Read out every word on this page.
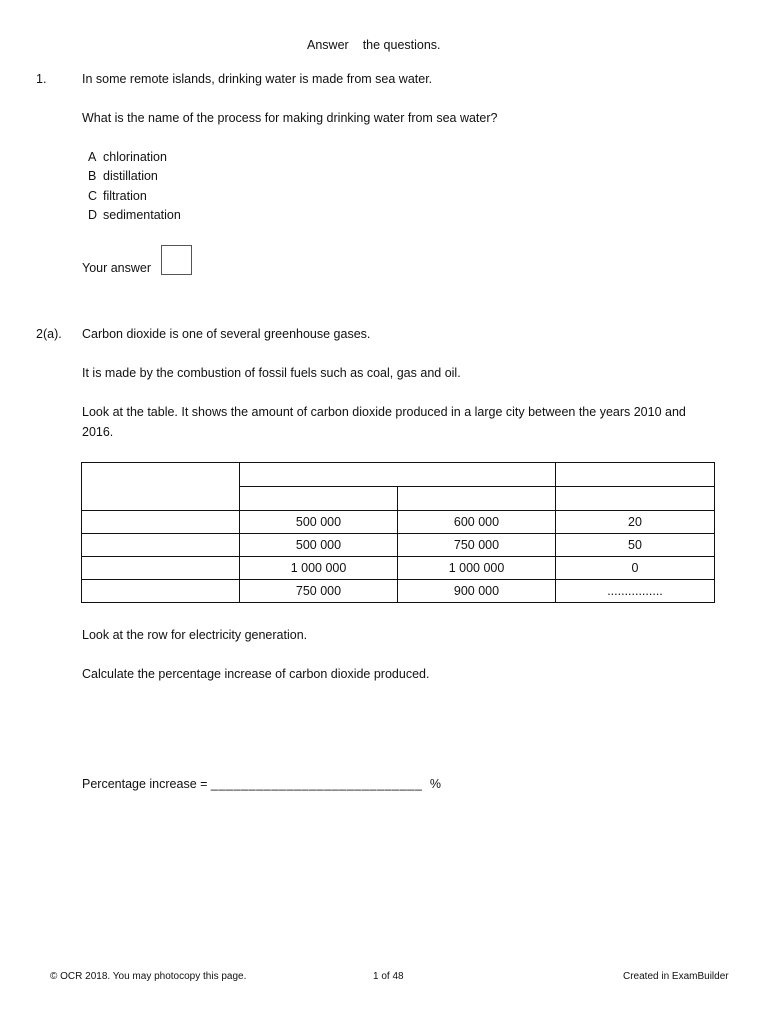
Answer the questions.
1.	In some remote islands, drinking water is made from sea water.
What is the name of the process for making drinking water from sea water?
A chlorination
B distillation
C filtration
D sedimentation
Your answer
2(a). Carbon dioxide is one of several greenhouse gases.
It is made by the combustion of fossil fuels such as coal, gas and oil.
Look at the table. It shows the amount of carbon dioxide produced in a large city between the years 2010 and 2016.

	500 000	600 000	20
	500 000	750 000	50
	1 000 000	1 000 000	0
	750 000	900 000	................
Look at the row for electricity generation.
Calculate the percentage increase of carbon dioxide produced.
Percentage increase = ____________________________ %
© OCR 2018. You may photocopy this page.	1 of 48	Created in ExamBuilder
